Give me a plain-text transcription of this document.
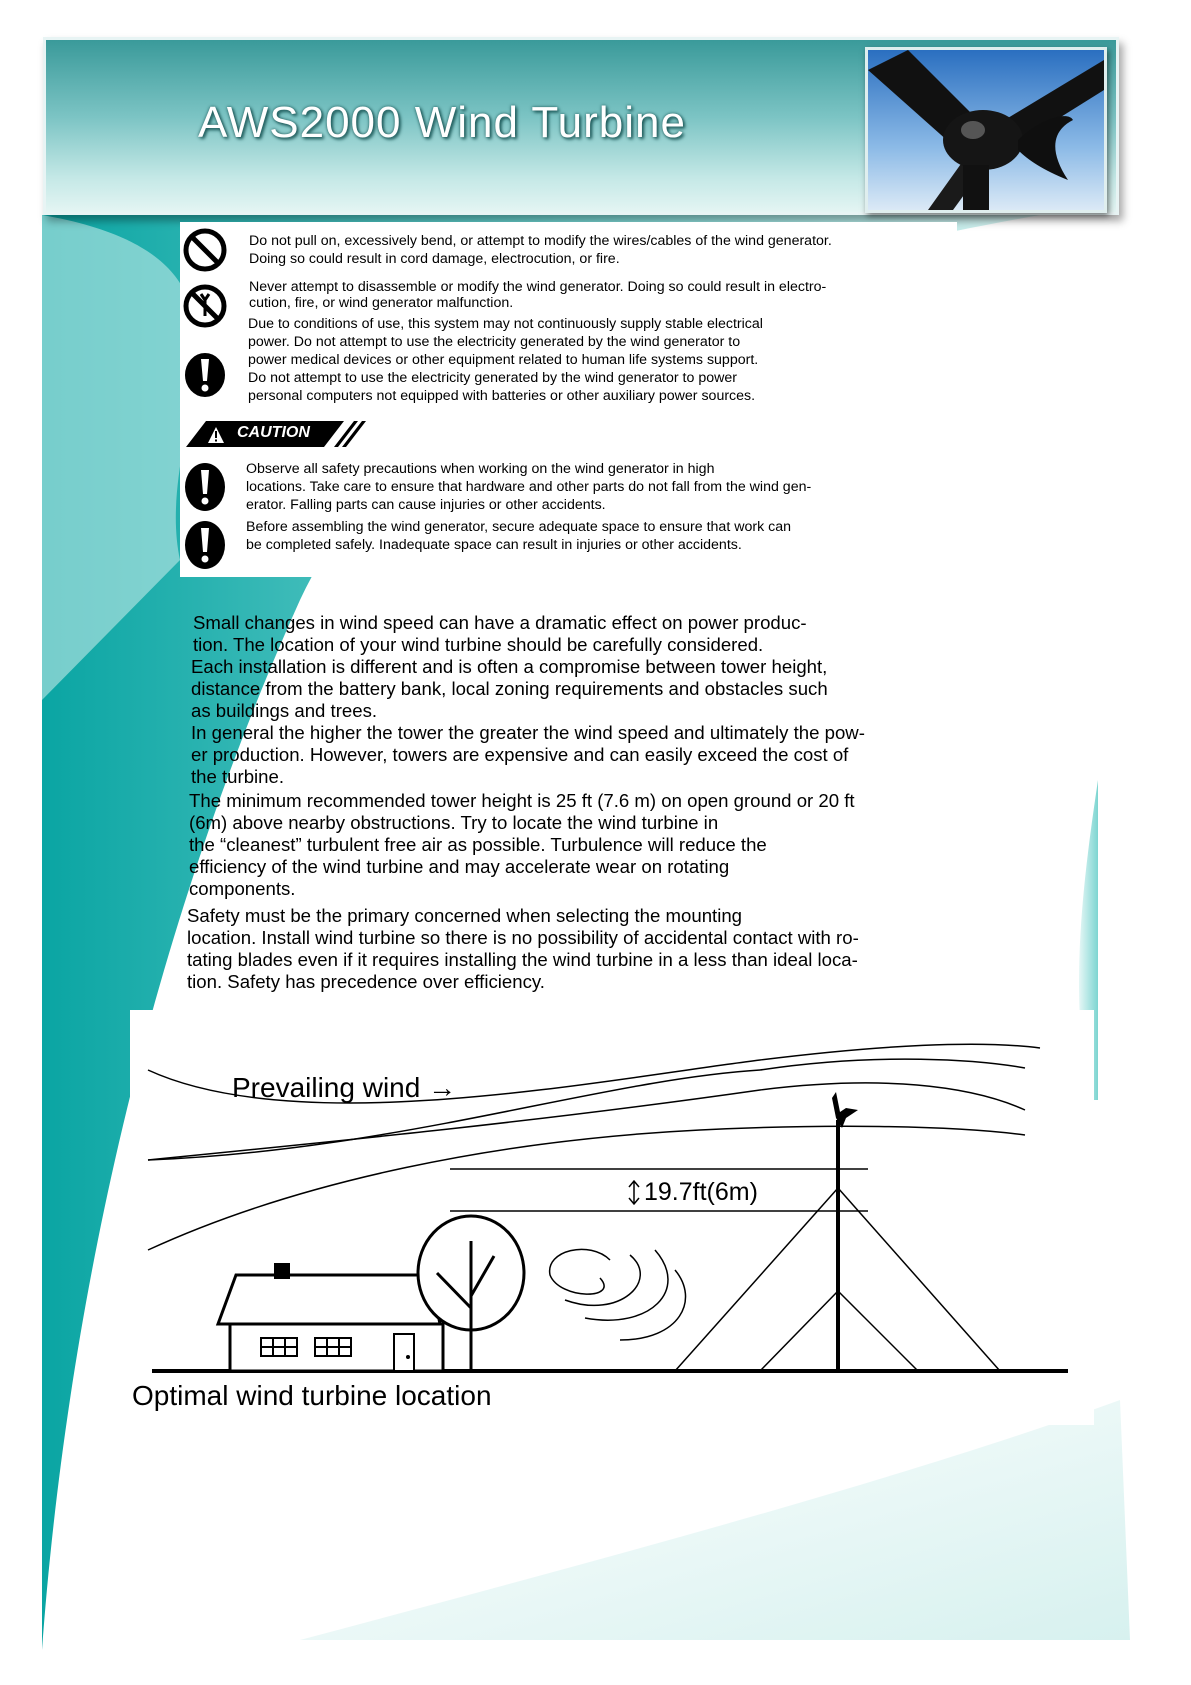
AWS2000 Wind Turbine
Do not pull on, excessively bend, or attempt to modify the wires/cables of the wind generator.
Doing so could result in cord damage, electrocution, or fire.
Never attempt to disassemble or modify the wind generator. Doing so could result in electro-
cution, fire, or wind generator malfunction.
Due to conditions of use, this system may not continuously supply stable electrical
power. Do not attempt to use the electricity generated by the wind generator to
power medical devices or other equipment related to human life systems support.
Do not attempt to use the electricity generated by the wind generator to power
personal computers not equipped with batteries or other auxiliary power sources.
CAUTION
Observe all safety precautions when working on the wind generator in high
locations. Take care to ensure that hardware and other parts do not fall from the wind gen-
erator. Falling parts can cause injuries or other accidents.
Before assembling the wind generator, secure adequate space to ensure that work can
be completed safely. Inadequate space can result in injuries or other accidents.
Small changes in wind speed can have a dramatic effect on power produc-
tion. The location of your wind turbine should be carefully considered.
Each installation is different and is often a compromise between tower height,
distance from the battery bank, local zoning requirements and obstacles such
as buildings and trees.
In general the higher the tower the greater the wind speed and ultimately the pow-
er production. However, towers are expensive and can easily exceed the cost of
the turbine.
The minimum recommended tower height is 25 ft (7.6 m) on open ground or 20 ft
(6m) above nearby obstructions. Try to locate the wind turbine in
the “cleanest” turbulent free air as possible. Turbulence will reduce the
efficiency of the wind turbine and may accelerate wear on rotating
components.
Safety must be the primary concerned when selecting the mounting
location. Install wind turbine so there is no possibility of accidental contact with ro-
tating blades even if it requires installing the wind turbine in a less than ideal loca-
tion. Safety has precedence over efficiency.
Prevailing wind →
19.7ft(6m)
Optimal wind turbine location
